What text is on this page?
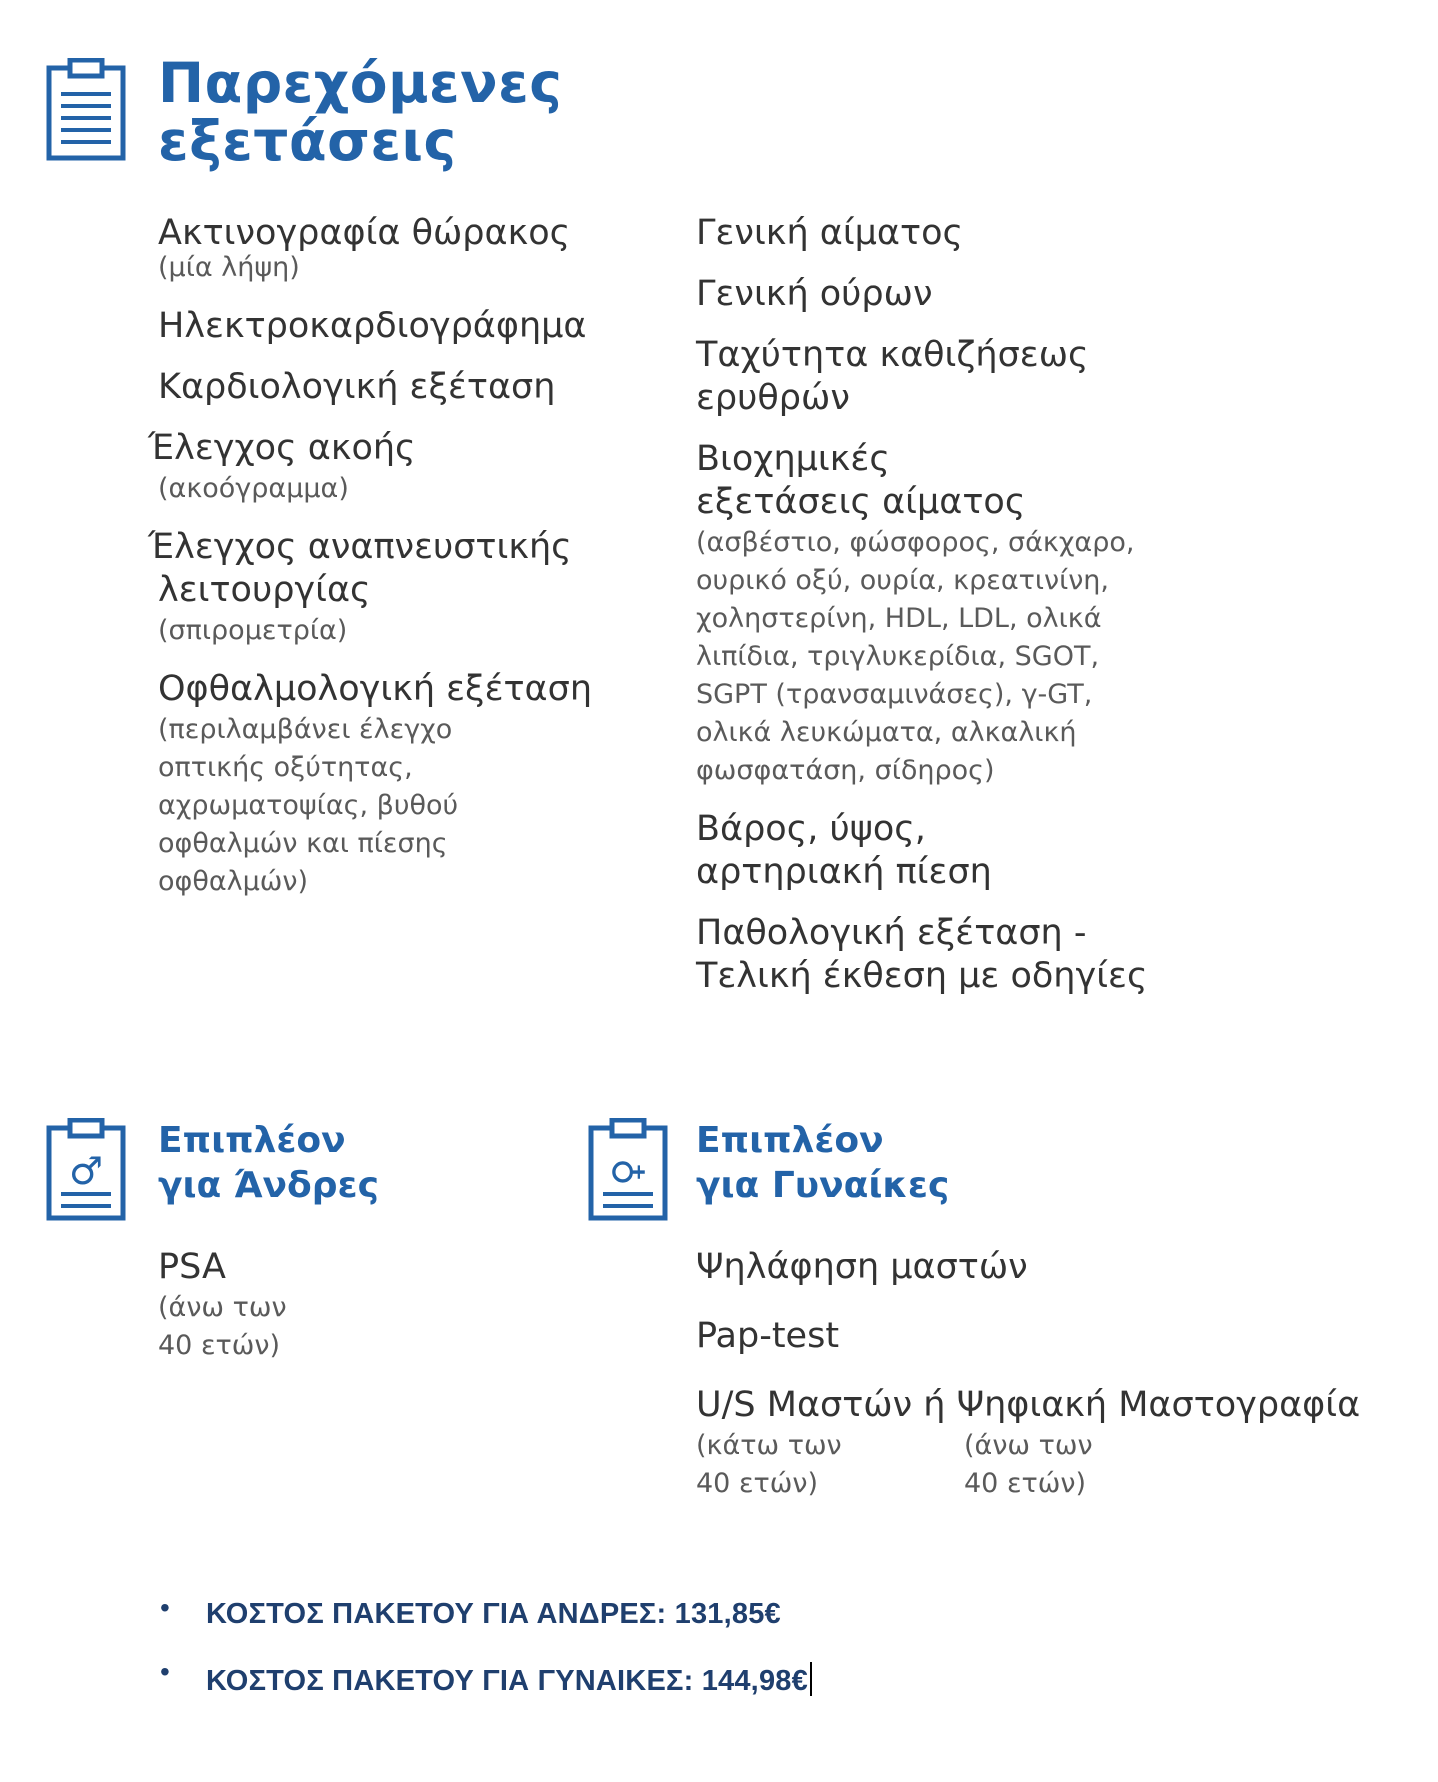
Παρεχόμενες
εξετάσεις
Ακτινογραφία θώρακος
(μία λήψη)
Ηλεκτροκαρδιογράφημα
Καρδιολογική εξέταση
Έλεγχος ακοής
(ακοόγραμμα)
Έλεγχος αναπνευστικής
λειτουργίας
(σπιρομετρία)
Οφθαλμολογική εξέταση
(περιλαμβάνει έλεγχο
οπτικής οξύτητας,
αχρωματοψίας, βυθού
οφθαλμών και πίεσης
οφθαλμών)
Γενική αίματος
Γενική ούρων
Ταχύτητα καθιζήσεως
ερυθρών
Βιοχημικές
εξετάσεις αίματος
(ασβέστιο, φώσφορος, σάκχαρο,
ουρικό οξύ, ουρία, κρεατινίνη,
χοληστερίνη, HDL, LDL, ολικά
λιπίδια, τριγλυκερίδια, SGOT,
SGPT (τρανσαμινάσες), γ-GT,
ολικά λευκώματα, αλκαλική
φωσφατάση, σίδηρος)
Βάρος, ύψος,
αρτηριακή πίεση
Παθολογική εξέταση -
Τελική έκθεση με οδηγίες
♂
Επιπλέον
για Άνδρες
PSA
(άνω των
40 ετών)
♀
Επιπλέον
για Γυναίκες
Ψηλάφηση μαστών
Pap-test
U/S Μαστών ή Ψηφιακή Μαστογραφία
(κάτω των
40 ετών)
(άνω των
40 ετών)
• ΚΟΣΤΟΣ ΠΑΚΕΤΟΥ ΓΙΑ ΑΝΔΡΕΣ: 131,85€
• ΚΟΣΤΟΣ ΠΑΚΕΤΟΥ ΓΙΑ ΓΥΝΑΙΚΕΣ: 144,98€
